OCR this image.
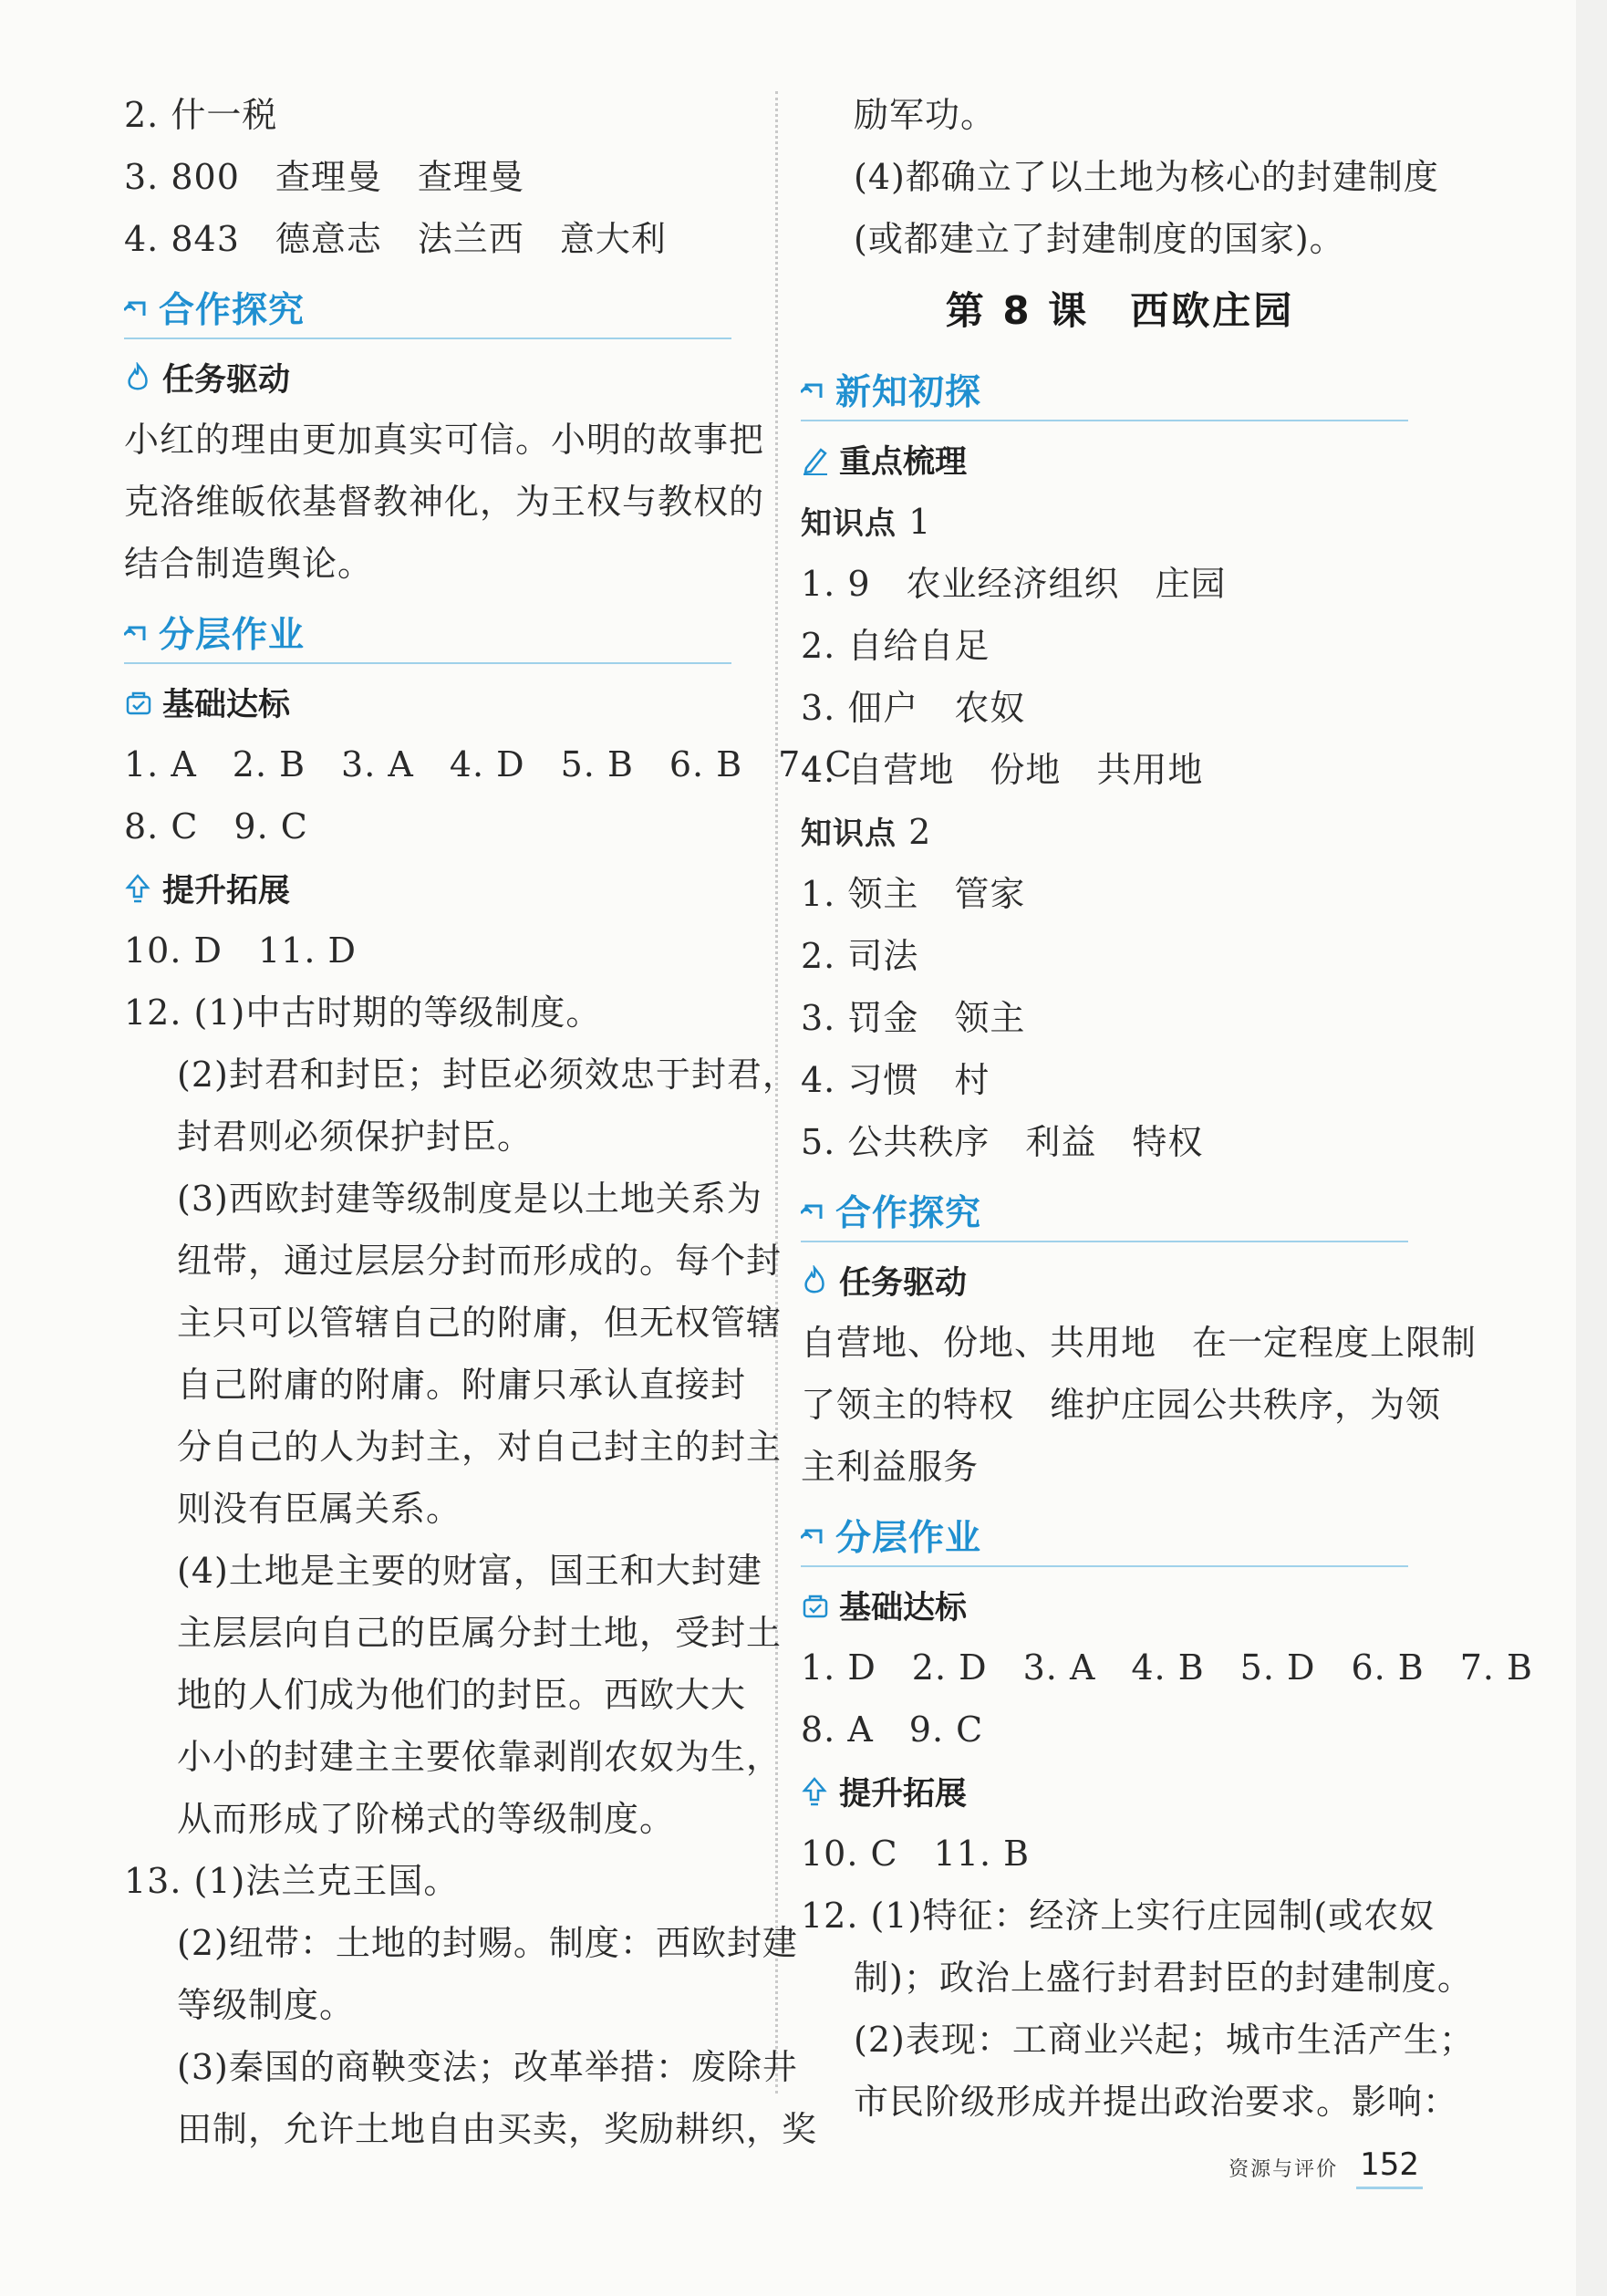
2. 什一税
3. 800　查理曼　查理曼
4. 843　德意志　法兰西　意大利
合作探究
任务驱动
小红的理由更加真实可信。小明的故事把
克洛维皈依基督教神化，为王权与教权的
结合制造舆论。
分层作业
基础达标
1. A　2. B　3. A　4. D　5. B　6. B　7. C
8. C　9. C
提升拓展
10. D　11. D
12. (1)中古时期的等级制度。
(2)封君和封臣；封臣必须效忠于封君，
封君则必须保护封臣。
(3)西欧封建等级制度是以土地关系为
纽带，通过层层分封而形成的。每个封
主只可以管辖自己的附庸，但无权管辖
自己附庸的附庸。附庸只承认直接封
分自己的人为封主，对自己封主的封主
则没有臣属关系。
(4)土地是主要的财富，国王和大封建
主层层向自己的臣属分封土地，受封土
地的人们成为他们的封臣。西欧大大
小小的封建主主要依靠剥削农奴为生，
从而形成了阶梯式的等级制度。
13. (1)法兰克王国。
(2)纽带：土地的封赐。制度：西欧封建
等级制度。
(3)秦国的商鞅变法；改革举措：废除井
田制，允许土地自由买卖，奖励耕织，奖
励军功。
(4)都确立了以土地为核心的封建制度
(或都建立了封建制度的国家)。
第 8 课　西欧庄园
新知初探
重点梳理
知识点 1
1. 9　农业经济组织　庄园
2. 自给自足
3. 佃户　农奴
4. 自营地　份地　共用地
知识点 2
1. 领主　管家
2. 司法
3. 罚金　领主
4. 习惯　村
5. 公共秩序　利益　特权
合作探究
任务驱动
自营地、份地、共用地　在一定程度上限制
了领主的特权　维护庄园公共秩序，为领
主利益服务
分层作业
基础达标
1. D　2. D　3. A　4. B　5. D　6. B　7. B
8. A　9. C
提升拓展
10. C　11. B
12. (1)特征：经济上实行庄园制(或农奴
制)；政治上盛行封君封臣的封建制度。
(2)表现：工商业兴起；城市生活产生；
市民阶级形成并提出政治要求。影响：
资源与评价 152
